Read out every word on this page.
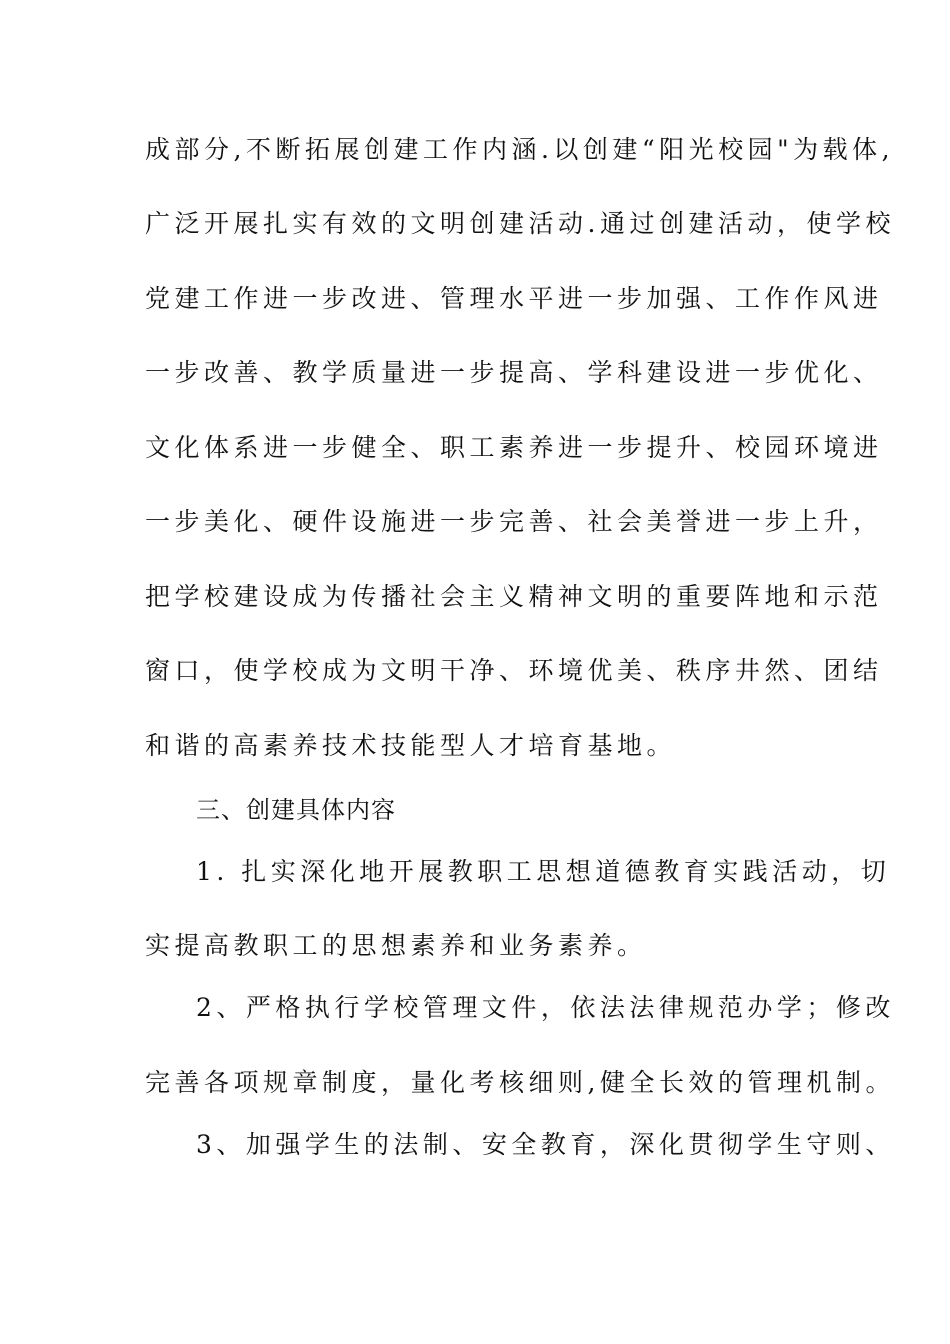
成部分,不断拓展创建工作内涵.以创建“阳光校园"为载体,
广泛开展扎实有效的文明创建活动.通过创建活动，使学校
党建工作进一步改进、管理水平进一步加强、工作作风进
一步改善、教学质量进一步提高、学科建设进一步优化、
文化体系进一步健全、职工素养进一步提升、校园环境进
一步美化、硬件设施进一步完善、社会美誉进一步上升，
把学校建设成为传播社会主义精神文明的重要阵地和示范
窗口，使学校成为文明干净、环境优美、秩序井然、团结
和谐的高素养技术技能型人才培育基地。
三、创建具体内容
1. 扎实深化地开展教职工思想道德教育实践活动，切
实提高教职工的思想素养和业务素养。
2、严格执行学校管理文件，依法法律规范办学；修改
完善各项规章制度，量化考核细则,健全长效的管理机制。
3、加强学生的法制、安全教育，深化贯彻学生守则、
